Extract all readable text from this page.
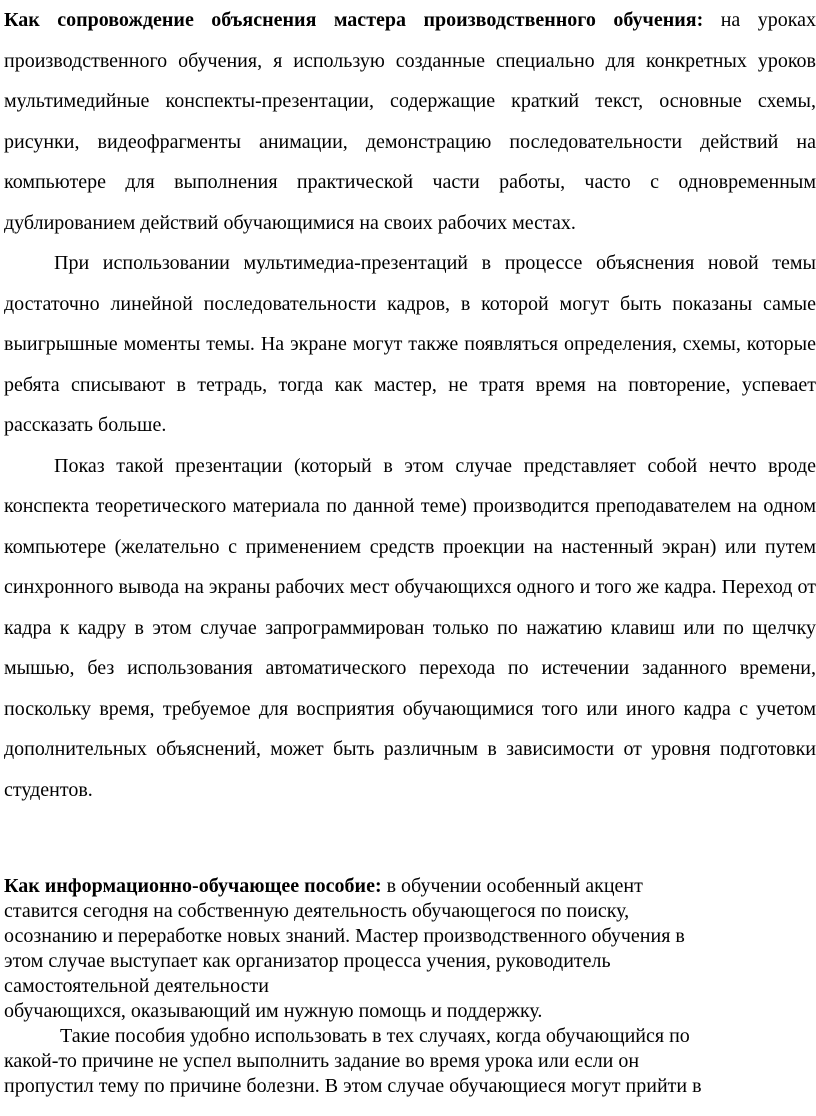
Как сопровождение объяснения мастера производственного обучения: на уроках производственного обучения, я использую созданные специально для конкретных уроков мультимедийные конспекты-презентации, содержащие краткий текст, основные схемы, рисунки, видеофрагменты анимации, демонстрацию последовательности действий на компьютере для выполнения практической части работы, часто с одновременным дублированием действий обучающимися на своих рабочих местах.

При использовании мультимедиа-презентаций в процессе объяснения новой темы достаточно линейной последовательности кадров, в которой могут быть показаны самые выигрышные моменты темы. На экране могут также появляться определения, схемы, которые ребята списывают в тетрадь, тогда как мастер, не тратя время на повторение, успевает рассказать больше.

Показ такой презентации (который в этом случае представляет собой нечто вроде конспекта теоретического материала по данной теме) производится преподавателем на одном компьютере (желательно с применением средств проекции на настенный экран) или путем синхронного вывода на экраны рабочих мест обучающихся одного и того же кадра. Переход от кадра к кадру в этом случае запрограммирован только по нажатию клавиш или по щелчку мышью, без использования автоматического перехода по истечении заданного времени, поскольку время, требуемое для восприятия обучающимися того или иного кадра с учетом дополнительных объяснений, может быть различным в зависимости от уровня подготовки студентов.

Как информационно-обучающее пособие: в обучении особенный акцент
ставится сегодня на собственную деятельность обучающегося по поиску,
осознанию и переработке новых знаний. Мастер производственного обучения в
этом случае выступает как организатор процесса учения, руководитель
самостоятельной деятельности
обучающихся, оказывающий им нужную помощь и поддержку.

Такие пособия удобно использовать в тех случаях, когда обучающийся по
какой-то причине не успел выполнить задание во время урока или если он
пропустил тему по причине болезни. В этом случае обучающиеся могут прийти в
